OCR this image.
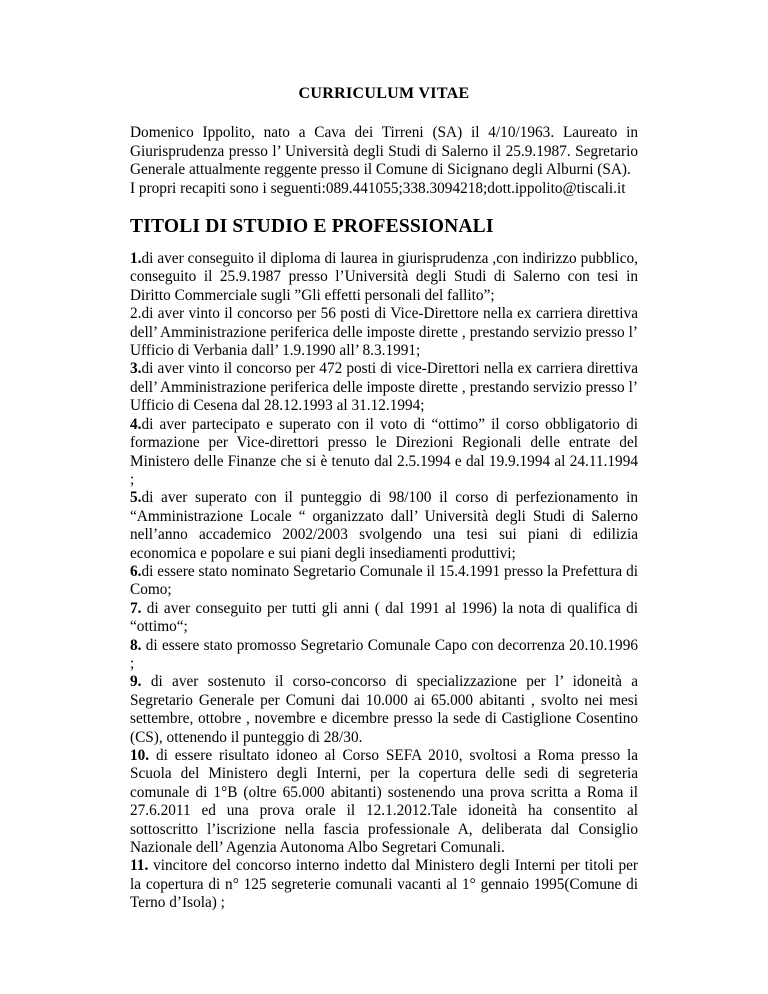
CURRICULUM VITAE

Domenico Ippolito, nato a Cava dei Tirreni (SA) il 4/10/1963. Laureato in Giurisprudenza presso l’ Università degli Studi di Salerno il 25.9.1987. Segretario Generale attualmente reggente presso il Comune di Sicignano degli Alburni (SA).

I propri recapiti sono i seguenti:089.441055;338.3094218;dott.ippolito@tiscali.it

TITOLI DI STUDIO E PROFESSIONALI

1.di aver conseguito il diploma di laurea in giurisprudenza ,con indirizzo pubblico, conseguito il 25.9.1987 presso l’Università degli Studi di Salerno con tesi in Diritto Commerciale sugli ”Gli effetti personali del fallito”;

2.di aver vinto il concorso per 56 posti di Vice-Direttore nella ex carriera direttiva dell’ Amministrazione periferica delle imposte dirette , prestando servizio presso l’ Ufficio di Verbania dall’ 1.9.1990 all’ 8.3.1991;

3.di aver vinto il concorso per 472 posti di vice-Direttori nella ex carriera direttiva dell’ Amministrazione periferica delle imposte dirette , prestando servizio presso l’ Ufficio di Cesena dal 28.12.1993 al 31.12.1994;

4.di aver partecipato e superato con il voto di “ottimo” il corso obbligatorio di formazione per Vice-direttori presso le Direzioni Regionali delle entrate del Ministero delle Finanze che si è tenuto dal 2.5.1994 e dal 19.9.1994 al 24.11.1994 ;

5.di aver superato con il punteggio di 98/100 il corso di perfezionamento in “Amministrazione Locale “ organizzato dall’ Università degli Studi di Salerno nell’anno accademico 2002/2003 svolgendo una tesi sui piani di edilizia economica e popolare e sui piani degli insediamenti produttivi;

6.di essere stato nominato Segretario Comunale il 15.4.1991 presso la Prefettura di Como;

7. di aver conseguito per tutti gli anni ( dal 1991 al 1996) la nota di qualifica di “ottimo“;

8. di essere stato promosso Segretario Comunale Capo con decorrenza 20.10.1996 ;

9. di aver sostenuto il corso-concorso di specializzazione per l’ idoneità a Segretario Generale per Comuni dai 10.000 ai 65.000 abitanti , svolto nei mesi settembre, ottobre , novembre e dicembre presso la sede di Castiglione Cosentino (CS), ottenendo il punteggio di 28/30.

10. di essere risultato idoneo al Corso SEFA 2010, svoltosi a Roma presso la Scuola del Ministero degli Interni, per la copertura delle sedi di segreteria comunale di 1°B (oltre 65.000 abitanti) sostenendo una prova scritta a Roma il 27.6.2011 ed una prova orale il 12.1.2012.Tale idoneità ha consentito al sottoscritto l’iscrizione nella fascia professionale A, deliberata dal Consiglio Nazionale dell’ Agenzia Autonoma Albo Segretari Comunali.

11. vincitore del concorso interno indetto dal Ministero degli Interni per titoli per la copertura di n° 125 segreterie comunali vacanti al 1° gennaio 1995(Comune di Terno d’Isola) ;
